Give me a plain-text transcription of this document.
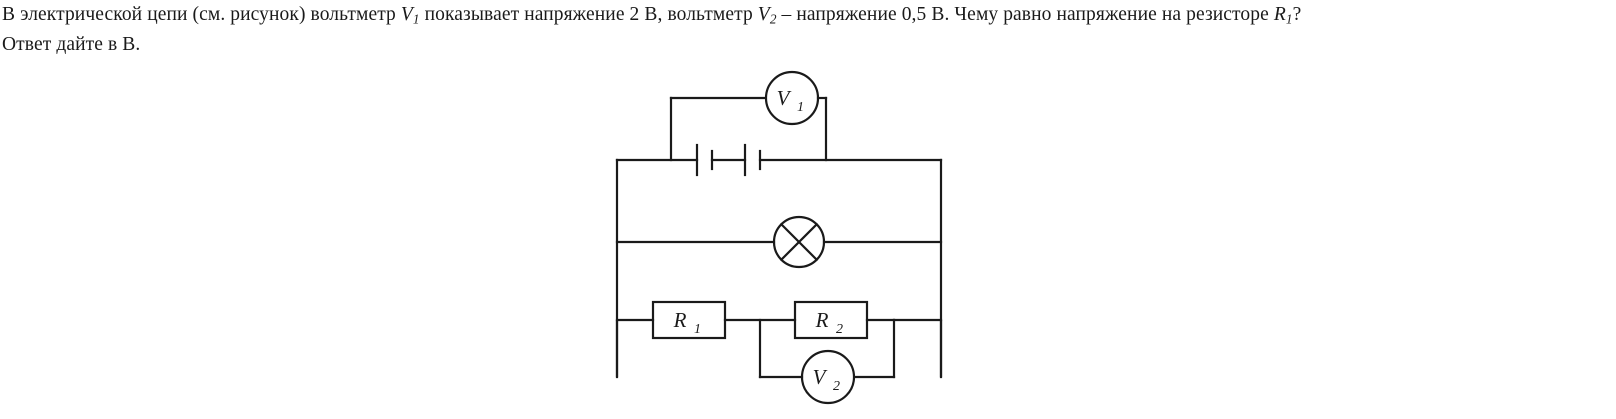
В электрической цепи (см. рисунок) вольтметр $V_1$ показывает напряжение 2 В, вольтметр $V_2$ – напряжение 0,5 В. Чему равно напряжение на резисторе $R_1$?
Ответ дайте в В.
V 1
V 2
R 1	R 2
